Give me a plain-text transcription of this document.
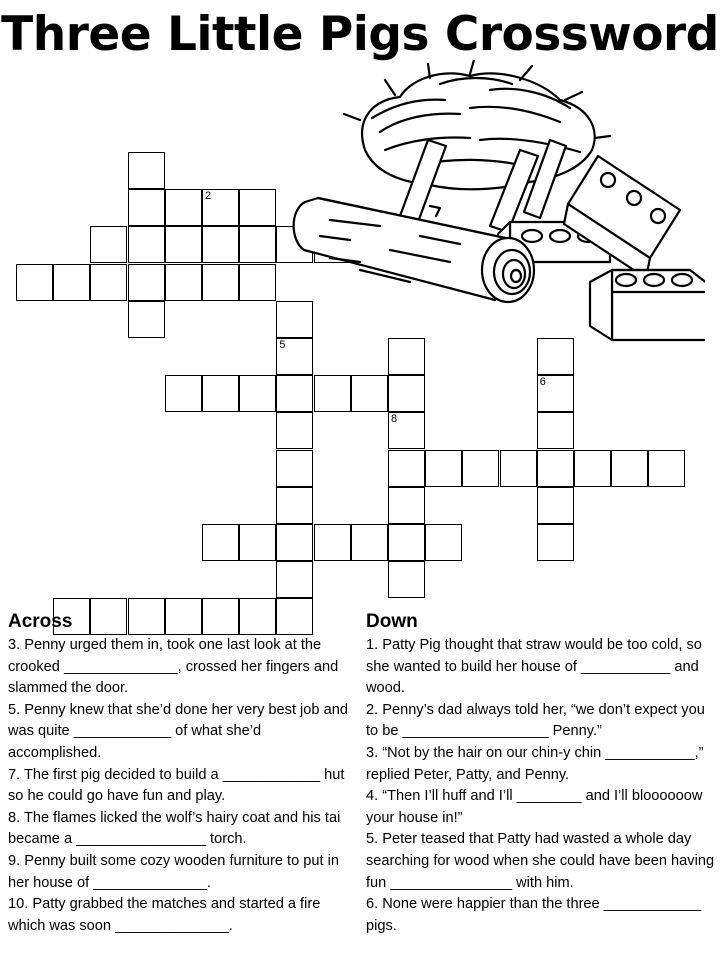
Three Little Pigs Crossword
2
5
8
6
Across

3. Penny urged them in, took one last look at the crooked ______________, crossed her fingers and slammed the door.

5. Penny knew that she’d done her very best job and was quite ____________ of what she’d accomplished.

7. The first pig decided to build a ____________ hut so he could go have fun and play.

8. The flames licked the wolf’s hairy coat and his tai became a ________________ torch.

9. Penny built some cozy wooden furniture to put in her house of ______________.

10. Patty grabbed the matches and started a fire which was soon ______________.

Down

1. Patty Pig thought that straw would be too cold, so she wanted to build her house of ___________ and wood.

2. Penny’s dad always told her, “we don’t expect you to be __________________ Penny.”

3. “Not by the hair on our chin-y chin ___________,” replied Peter, Patty, and Penny.

4. “Then I’ll huff and I’ll ________ and I’ll bloooooow your house in!”

5. Peter teased that Patty had wasted a whole day searching for wood when she could have been having fun _______________ with him.

6. None were happier than the three ____________ pigs.
